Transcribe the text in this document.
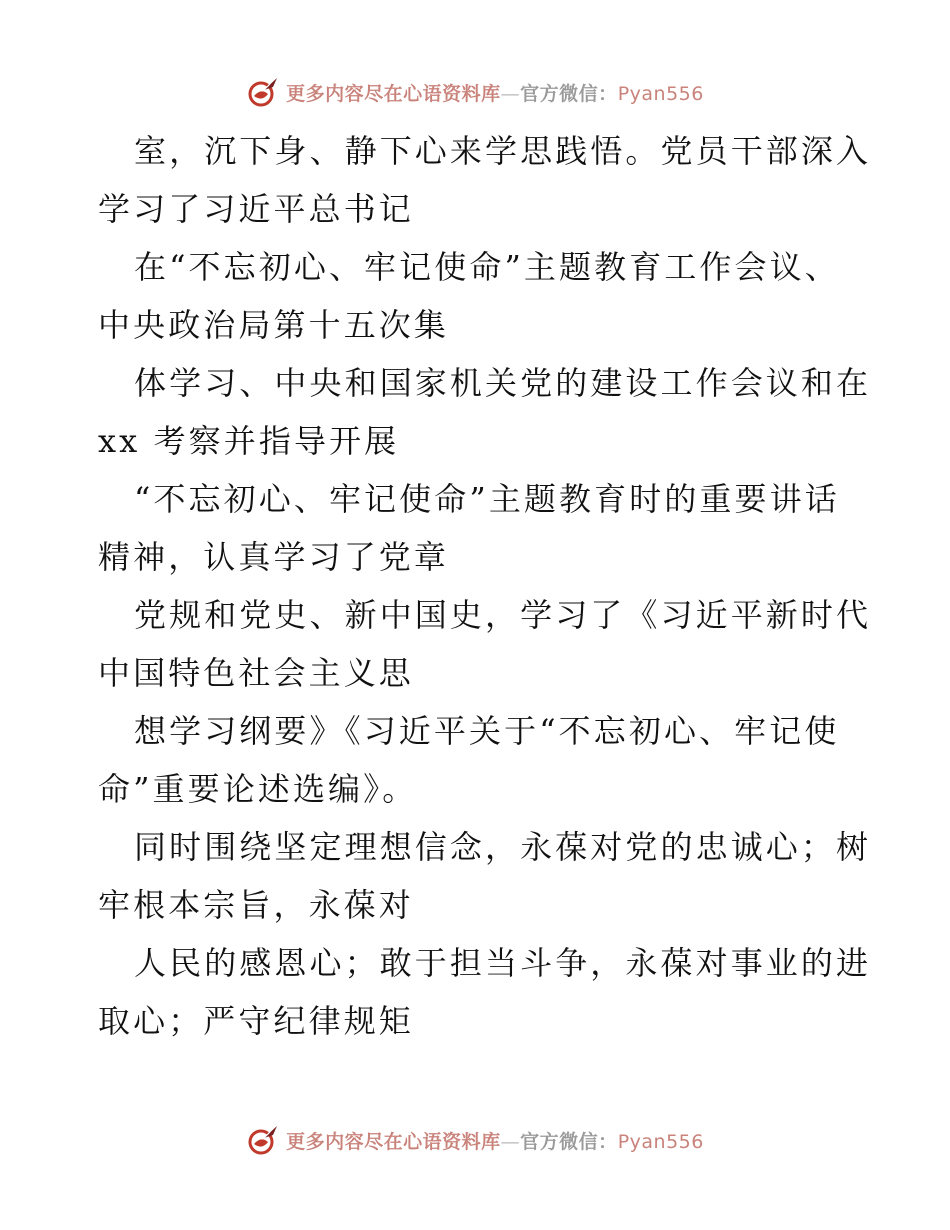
更多内容尽在心语资料库—官方微信：Pyan556

室，沉下身、静下心来学思践悟。党员干部深入

学习了习近平总书记

在“不忘初心、牢记使命”主题教育工作会议、

中央政治局第十五次集

体学习、中央和国家机关党的建设工作会议和在

xx 考察并指导开展

“不忘初心、牢记使命”主题教育时的重要讲话

精神，认真学习了党章

党规和党史、新中国史，学习了《习近平新时代

中国特色社会主义思

想学习纲要》《习近平关于“不忘初心、牢记使

命”重要论述选编》。

同时围绕坚定理想信念，永葆对党的忠诚心；树

牢根本宗旨，永葆对

人民的感恩心；敢于担当斗争，永葆对事业的进

取心；严守纪律规矩

更多内容尽在心语资料库—官方微信：Pyan556
